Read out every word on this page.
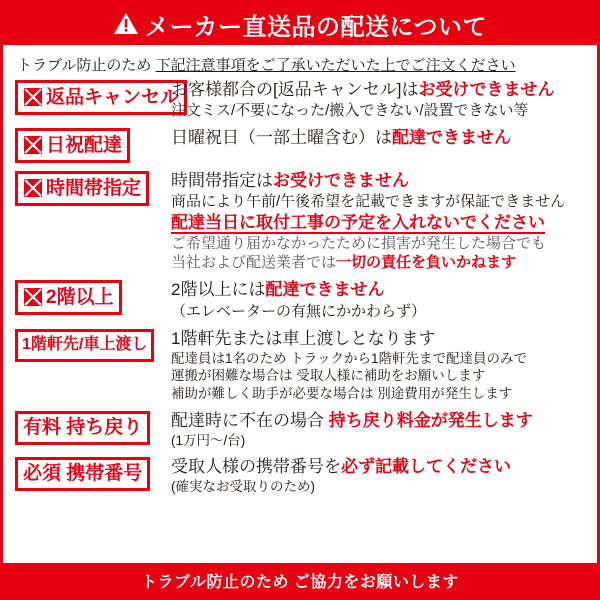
メーカー直送品の配送について
トラブル防止のため 下記注意事項をご了承いただいた上でご注文ください
返品キャンセル
お客様都合の[返品キャンセル]はお受けできません
注文ミス/不要になった/搬入できない/設置できない等
日祝配達	日曜祝日（一部土曜含む）は配達できません
時間帯指定 時間帯指定はお受けできません
商品により午前/午後希望を記載できますが保証できません
配達当日に取付工事の予定を入れないでください
ご希望通り届かなかったために損害が発生した場合でも
当社および配送業者では一切の責任を負いかねます
2階以上	2階以上には配達できません
（エレベーターの有無にかかわらず）
1階軒先/車上渡し 1階軒先または車上渡しとなります
配達員は1名のため トラックから1階軒先まで配達員のみで
運搬が困難な場合は 受取人様に補助をお願いします
補助が難しく助手が必要な場合は 別途費用が発生します
有料 持ち戻り 配達時に不在の場合 持ち戻り料金が発生します
(1万円〜/台)
必須 携帯番号 受取人様の携帯番号を必ず記載してください
(確実なお受取りのため)
トラブル防止のため ご協力をお願いします
